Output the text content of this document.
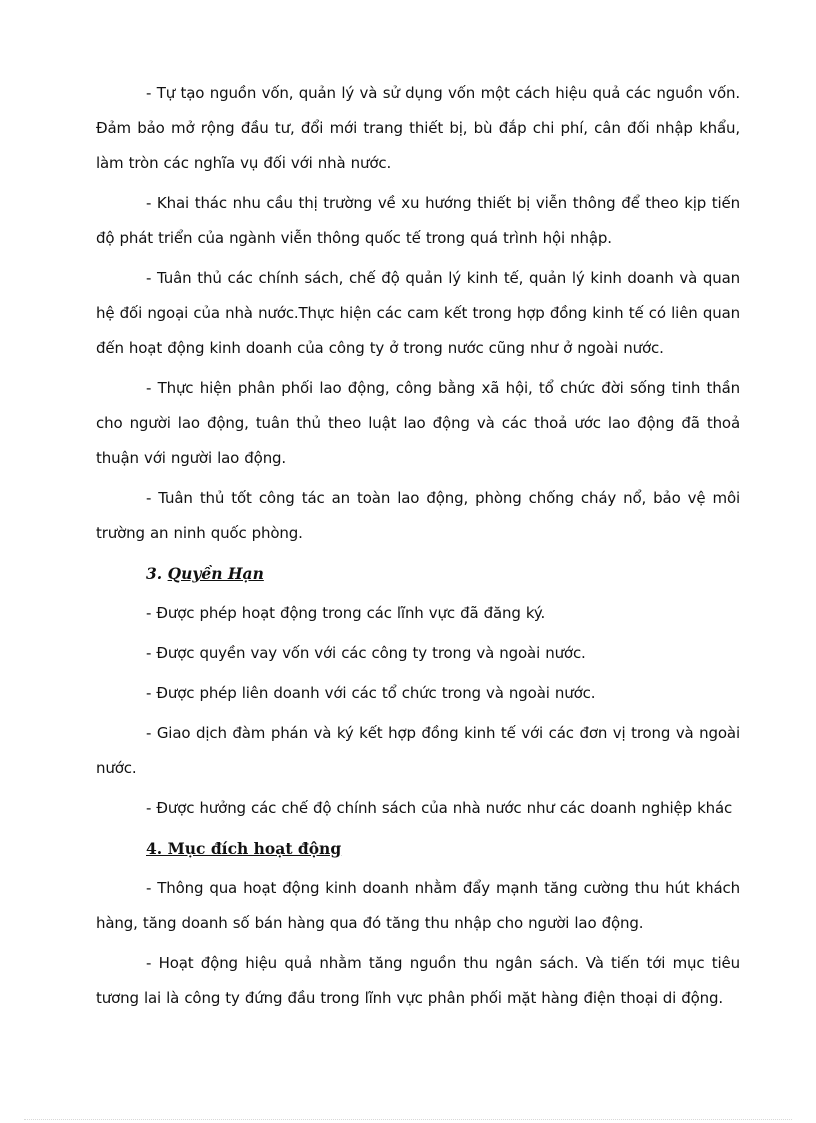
- Tự tạo nguồn vốn, quản lý và sử dụng vốn một cách hiệu quả các nguồn vốn. Đảm bảo mở rộng đầu tư, đổi mới trang thiết bị, bù đắp chi phí, cân đối nhập khẩu, làm tròn các nghĩa vụ đối với nhà nước.

- Khai thác nhu cầu thị trường về xu hướng thiết bị viễn thông để theo kịp tiến độ phát triển của ngành viễn thông quốc tế trong quá trình hội nhập.

- Tuân thủ các chính sách, chế độ quản lý kinh tế, quản lý kinh doanh và quan hệ đối ngoại của nhà nước.Thực hiện các cam kết trong hợp đồng kinh tế có liên quan đến hoạt động kinh doanh của công ty ở trong nước cũng như ở ngoài nước.

- Thực hiện phân phối lao động, công bằng xã hội, tổ chức đời sống tinh thần cho người lao động, tuân thủ theo luật lao động và các thoả ước lao động đã thoả thuận với người lao động.

- Tuân thủ tốt công tác an toàn lao động, phòng chống cháy nổ, bảo vệ môi trường an ninh quốc phòng.

3. Quyền Hạn

- Được phép hoạt động trong các lĩnh vực đã đăng ký.

- Được quyền vay vốn với các công ty trong và ngoài nước.

- Được phép liên doanh với các tổ chức trong và ngoài nước.

- Giao dịch đàm phán và ký kết hợp đồng kinh tế với các đơn vị trong và ngoài nước.

- Được hưởng các chế độ chính sách của nhà nước như các doanh nghiệp khác

4. Mục đích hoạt động

- Thông qua hoạt động kinh doanh nhằm đẩy mạnh tăng cường thu hút khách hàng, tăng doanh số bán hàng qua đó tăng thu nhập cho người lao động.

- Hoạt động hiệu quả nhằm tăng nguồn thu ngân sách. Và tiến tới mục tiêu tương lai là công ty đứng đầu trong lĩnh vực phân phối mặt hàng điện thoại di động.
